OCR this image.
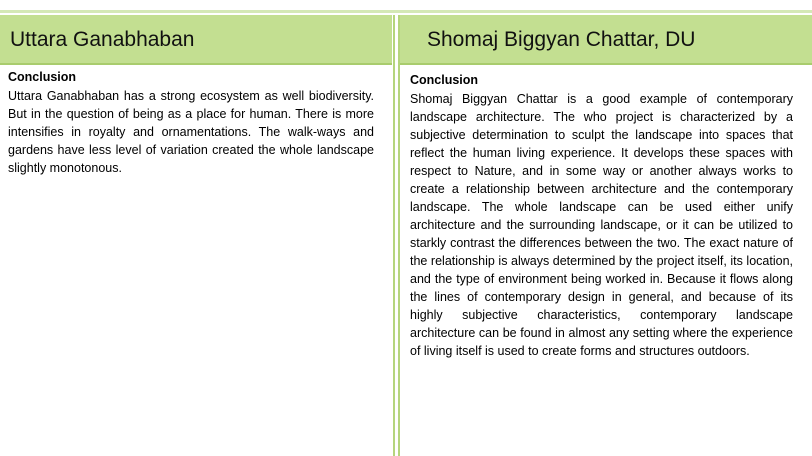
Uttara Ganabhaban	Shomaj Biggyan Chattar, DU
Conclusion

Uttara Ganabhaban has a strong ecosystem as well biodiversity. But in the question of being as a place for human. There is more intensifies in royalty and ornamentations. The walk-ways and gardens have less level of variation created the whole landscape slightly monotonous.

Conclusion

Shomaj Biggyan Chattar is a good example of contemporary landscape architecture. The who project is characterized by a subjective determination to sculpt the landscape into spaces that reflect the human living experience. It develops these spaces with respect to Nature, and in some way or another always works to create a relationship between architecture and the contemporary landscape. The whole landscape can be used either unify architecture and the surrounding landscape, or it can be utilized to starkly contrast the differences between the two. The exact nature of the relationship is always determined by the project itself, its location, and the type of environment being worked in. Because it flows along the lines of contemporary design in general, and because of its highly subjective characteristics, contemporary landscape architecture can be found in almost any setting where the experience of living itself is used to create forms and structures outdoors.
